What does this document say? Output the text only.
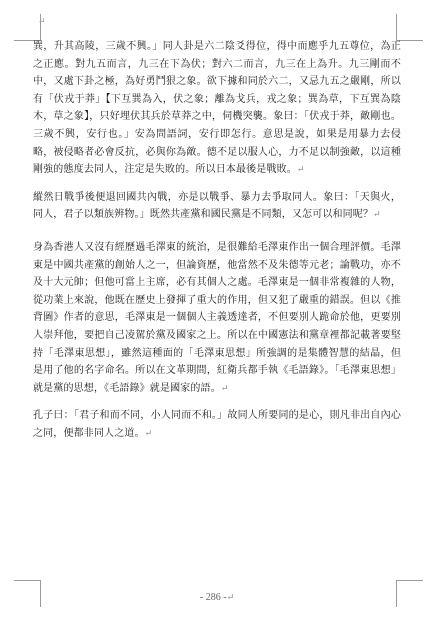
↵

巽，升其高陵，三歲不興。」同人卦是六二陰爻得位，得中而應乎九五尊位，為正之正應。對九五而言，九三在下為伏；對六二而言，九三在上為升。九三剛而不中，又處下卦之極，為好勇鬥狠之象。欲下據和同於六二，又忌九五之嚴剛，所以有「伏戎于莽」【下互巽為入，伏之象；離為戈兵，戎之象；巽為草，下互巽為陰木，草之象】，只好埋伏其兵於草莽之中，伺機突襲。象曰：「伏戎于莽，敵剛也。三歲不興，安行也。」安為問語詞，安行即怎行。意思是說，如果是用暴力去侵略，被侵略者必會反抗，必與你為敵。德不足以服人心，力不足以制強敵，以這種剛強的態度去同人，注定是失敗的。所以日本最後是戰敗。↵

縱然日戰爭後便退回國共內戰，亦是以戰爭、暴力去爭取同人。象曰：「天與火，同人，君子以類族辨物。」既然共產黨和國民黨是不同類，又怎可以和同呢？↵

身為香港人又沒有經歷過毛澤東的統治，是很難給毛澤東作出一個合理評價。毛澤東是中國共產黨的創始人之一，但論資歷，他當然不及朱德等元老；論戰功，亦不及十大元帥；但他可當上主席，必有其個人之處。毛澤東是一個非常複雜的人物，從功業上來說，他既在歷史上發揮了重大的作用，但又犯了嚴重的錯誤。但以《推背圖》作者的意思，毛澤東是一個個人主義透達者，不但要別人跪命於他，更要別人崇拜他，要把自己凌駕於黨及國家之上。所以在中國憲法和黨章裡都記載著要堅持「毛澤東思想」，雖然這種面的「毛澤東思想」所強調的是集體智慧的結晶，但是用了他的名字命名。所以在文革期間，紅衛兵都手執《毛語錄》。「毛澤東思想」就是黨的思想，《毛語錄》就是國家的語。↵

孔子曰：「君子和而不同，小人同而不和。」故同人所要同的是心，則凡非出自內心之同，便都非同人之道。↵

- 286 -↵
